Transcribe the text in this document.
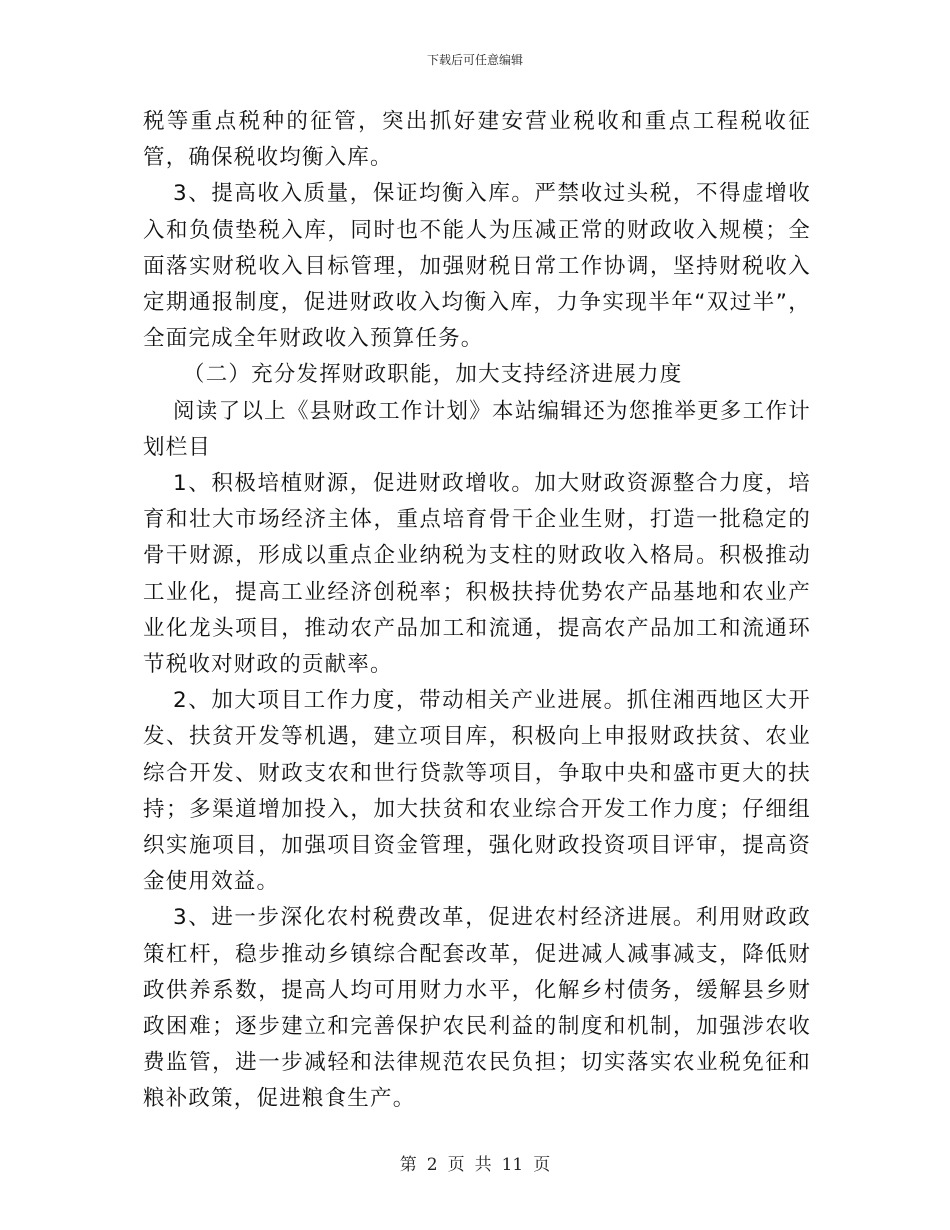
下载后可任意编辑

税等重点税种的征管，突出抓好建安营业税收和重点工程税收征管，确保税收均衡入库。

3、提高收入质量，保证均衡入库。严禁收过头税，不得虚增收入和负债垫税入库，同时也不能人为压减正常的财政收入规模；全面落实财税收入目标管理，加强财税日常工作协调，坚持财税收入定期通报制度，促进财政收入均衡入库，力争实现半年“双过半”，全面完成全年财政收入预算任务。

（二）充分发挥财政职能，加大支持经济进展力度

阅读了以上《县财政工作计划》本站编辑还为您推举更多工作计划栏目

1、积极培植财源，促进财政增收。加大财政资源整合力度，培育和壮大市场经济主体，重点培育骨干企业生财，打造一批稳定的骨干财源，形成以重点企业纳税为支柱的财政收入格局。积极推动工业化，提高工业经济创税率；积极扶持优势农产品基地和农业产业化龙头项目，推动农产品加工和流通，提高农产品加工和流通环节税收对财政的贡献率。

2、加大项目工作力度，带动相关产业进展。抓住湘西地区大开发、扶贫开发等机遇，建立项目库，积极向上申报财政扶贫、农业综合开发、财政支农和世行贷款等项目，争取中央和盛市更大的扶持；多渠道增加投入，加大扶贫和农业综合开发工作力度；仔细组织实施项目，加强项目资金管理，强化财政投资项目评审，提高资金使用效益。

3、进一步深化农村税费改革，促进农村经济进展。利用财政政策杠杆，稳步推动乡镇综合配套改革，促进减人减事减支，降低财政供养系数，提高人均可用财力水平，化解乡村债务，缓解县乡财政困难；逐步建立和完善保护农民利益的制度和机制，加强涉农收费监管，进一步减轻和法律规范农民负担；切实落实农业税免征和粮补政策，促进粮食生产。

第 2 页 共 11 页
